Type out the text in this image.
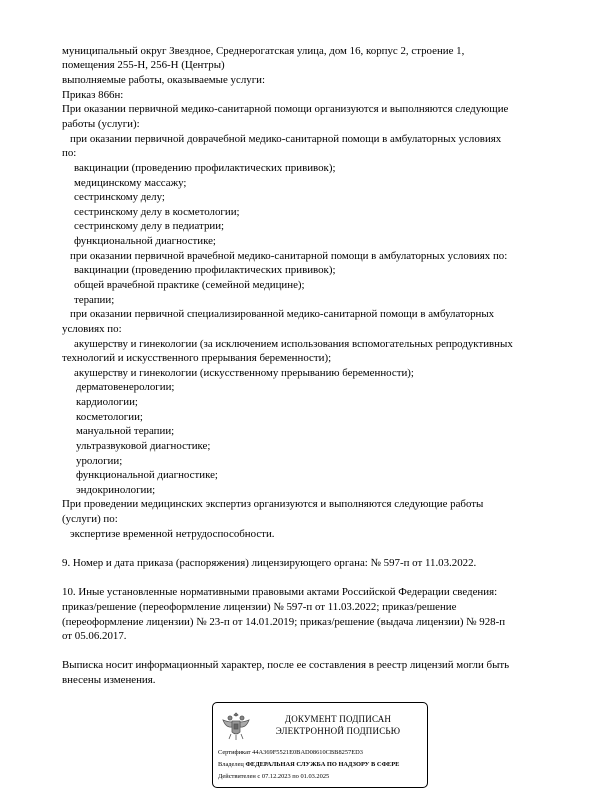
муниципальный округ Звездное, Среднерогатская улица, дом 16, корпус 2, строение 1,
помещения 255-Н, 256-Н (Центры)
выполняемые работы, оказываемые услуги:
Приказ 866н:
При оказании первичной медико-санитарной помощи организуются и выполняются следующие
работы (услуги):
при оказании первичной доврачебной медико-санитарной помощи в амбулаторных условиях
по:
вакцинации (проведению профилактических прививок);
медицинскому массажу;
сестринскому делу;
сестринскому делу в косметологии;
сестринскому делу в педиатрии;
функциональной диагностике;
при оказании первичной врачебной медико-санитарной помощи в амбулаторных условиях по:
вакцинации (проведению профилактических прививок);
общей врачебной практике (семейной медицине);
терапии;
при оказании первичной специализированной медико-санитарной помощи в амбулаторных
условиях по:
акушерству и гинекологии (за исключением использования вспомогательных репродуктивных
технологий и искусственного прерывания беременности);
акушерству и гинекологии (искусственному прерыванию беременности);
дерматовенерологии;
кардиологии;
косметологии;
мануальной терапии;
ультразвуковой диагностике;
урологии;
функциональной диагностике;
эндокринологии;
При проведении медицинских экспертиз организуются и выполняются следующие работы
(услуги) по:
экспертизе временной нетрудоспособности.
9. Номер и дата приказа (распоряжения) лицензирующего органа: № 597-п от 11.03.2022.
10. Иные установленные нормативными правовыми актами Российской Федерации сведения:
приказ/решение (переоформление лицензии) № 597-п от 11.03.2022; приказ/решение
(переоформление лицензии) № 23-п от 14.01.2019; приказ/решение (выдача лицензии) № 928-п
от 05.06.2017.
Выписка носит информационный характер, после ее составления в реестр лицензий могли быть
внесены изменения.
ДОКУМЕНТ ПОДПИСАН
ЭЛЕКТРОННОЙ ПОДПИСЬЮ
Сертификат 44A369F5521E0BAD08610CBB8257ED3
Владелец ФЕДЕРАЛЬНАЯ СЛУЖБА ПО НАДЗОРУ В СФЕРЕ
Действителен с 07.12.2023 по 01.03.2025
